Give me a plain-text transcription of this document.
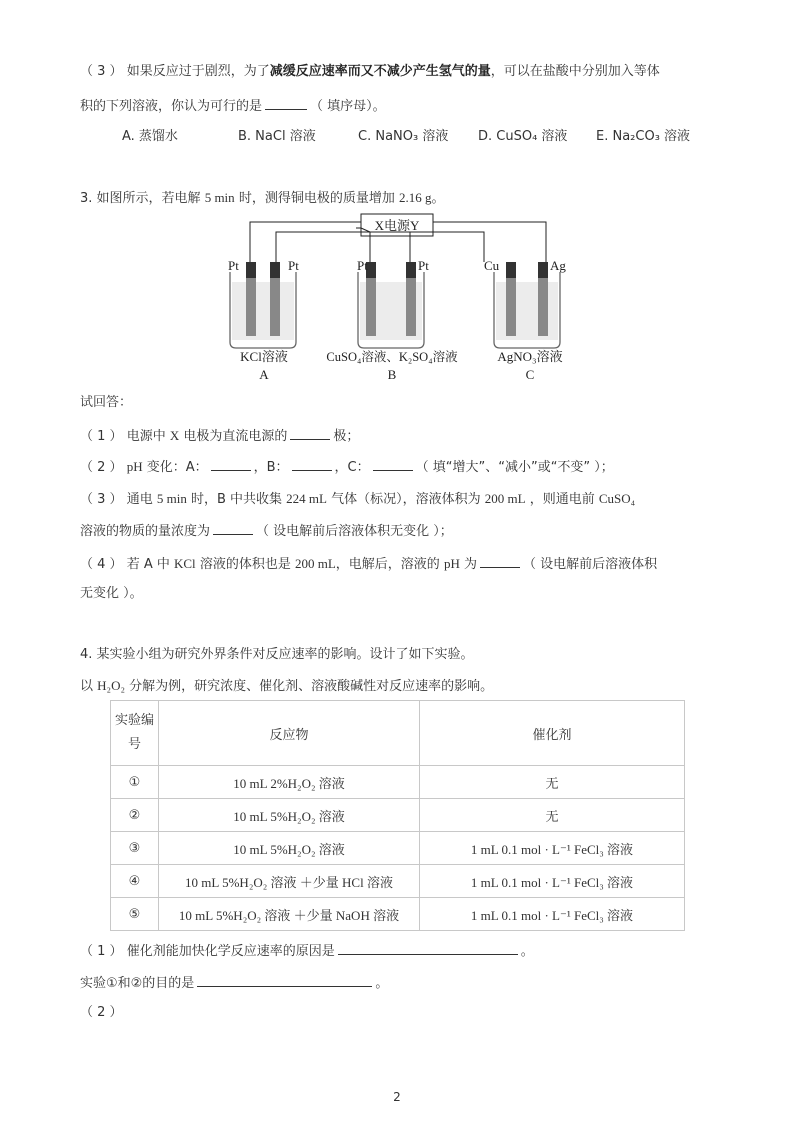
（ 3 ） 如果反应过于剧烈，为了减缓反应速率而又不减少产生氢气的量，可以在盐酸中分别加入等体
积的下列溶液，你认为可行的是	（ 填序母）。
A. 蒸馏水	B. NaCl 溶液	C. NaNO₃ 溶液 D. CuSO₄ 溶液 E. Na₂CO₃ 溶液
3. 如图所示，若电解 5 min 时，测得铜电极的质量增加 2.16 g。
X电源Y
Pt	Pt	Pt	Pt	Cu	Ag
KCl溶液	CuSO₄溶液、K₂SO₄溶液	AgNO₃溶液
A	B	C
试回答：
（ 1 ） 电源中 X 电极为直流电源的	极；
（ 2 ） pH 变化：A：	，B：	，C：	（ 填“增大”、“减小”或“不变” ）；
（ 3 ） 通电 5 min 时，B 中共收集 224 mL 气体（标况），溶液体积为 200 mL ，则通电前 CuSO₄
溶液的物质的量浓度为	（ 设电解前后溶液体积无变化 ）；
（ 4 ） 若 A 中 KCl 溶液的体积也是 200 mL，电解后，溶液的 pH 为	（ 设电解前后溶液体积
无变化 ）。
4. 某实验小组为研究外界条件对反应速率的影响。设计了如下实验。
以 H₂O₂ 分解为例，研究浓度、催化剂、溶液酸碱性对反应速率的影响。
实验编号	反应物	催化剂
①	10 mL 2%H₂O₂ 溶液	无
②	10 mL 5%H₂O₂ 溶液	无
③	10 mL 5%H₂O₂ 溶液	1 mL 0.1 mol · L⁻¹ FeCl₃ 溶液
④	10 mL 5%H₂O₂ 溶液 ＋少量 HCl 溶液	1 mL 0.1 mol · L⁻¹ FeCl₃ 溶液
⑤	10 mL 5%H₂O₂ 溶液 ＋少量 NaOH 溶液	1 mL 0.1 mol · L⁻¹ FeCl₃ 溶液
（ 1 ） 催化剂能加快化学反应速率的原因是	。
实验①和②的目的是	。
（ 2 ）
2
